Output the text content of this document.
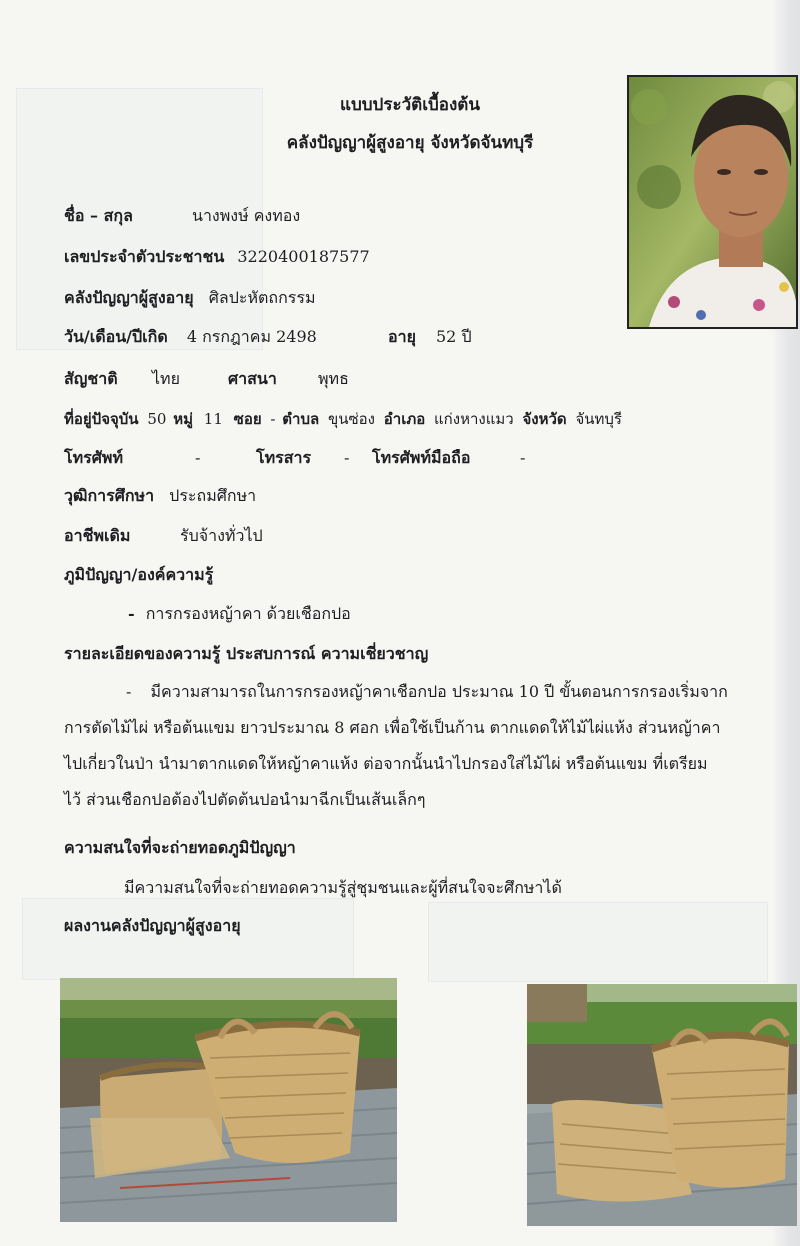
แบบประวัติเบื้องต้น
คลังปัญญาผู้สูงอายุ จังหวัดจันทบุรี
ชื่อ – สกุล	นางพงษ์ คงทอง
เลขประจำตัวประชาชน 3220400187577
คลังปัญญาผู้สูงอายุ ศิลปะหัตถกรรม
วัน/เดือน/ปีเกิด 4 กรกฎาคม 2498	อายุ 52 ปี
สัญชาติ ไทย	ศาสนา	พุทธ
ที่อยู่ปัจจุบัน 50 หมู่ 11 ซอย - ตำบล ขุนซ่อง อำเภอ แก่งหางแมว จังหวัด จันทบุรี
โทรศัพท์	-	โทรสาร - โทรศัพท์มือถือ	-
วุฒิการศึกษา ประถมศึกษา
อาชีพเดิม	รับจ้างทั่วไป
ภูมิปัญญา/องค์ความรู้
- การกรองหญ้าคา ด้วยเชือกปอ
รายละเอียดของความรู้ ประสบการณ์ ความเชี่ยวชาญ
- มีความสามารถในการกรองหญ้าคาเชือกปอ ประมาณ 10 ปี ขั้นตอนการกรองเริ่มจาก
การตัดไม้ไผ่ หรือต้นแขม ยาวประมาณ 8 ศอก เพื่อใช้เป็นก้าน ตากแดดให้ไม้ไผ่แห้ง ส่วนหญ้าคา
ไปเกี่ยวในป่า นำมาตากแดดให้หญ้าคาแห้ง ต่อจากนั้นนำไปกรองใส่ไม้ไผ่ หรือต้นแขม ที่เตรียม
ไว้ ส่วนเชือกปอต้องไปตัดต้นปอนำมาฉีกเป็นเส้นเล็กๆ
ความสนใจที่จะถ่ายทอดภูมิปัญญา
มีความสนใจที่จะถ่ายทอดความรู้สู่ชุมชนและผู้ที่สนใจจะศึกษาได้
ผลงานคลังปัญญาผู้สูงอายุ
